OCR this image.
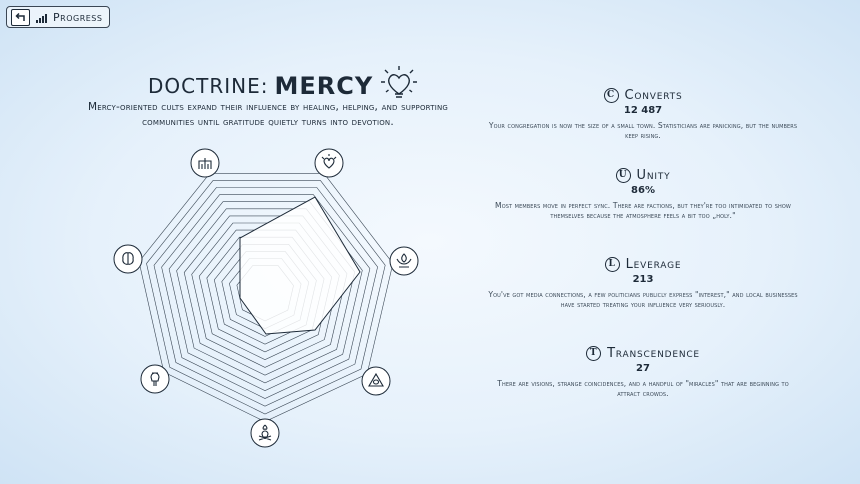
Progress
DOCTRINE: MERCY
Mercy-oriented cults expand their influence by healing, helping, and supporting communities until gratitude quietly turns into devotion.
C Converts
12 487
Your congregation is now the size of a small town. Statisticians are panicking, but the numbers keep rising.
U Unity
86%
Most members move in perfect sync. There are factions, but they're too intimidated to show themselves because the atmosphere feels a bit too „holy."
L Leverage
213
You've got media connections, a few politicians publicly express "interest," and local businesses have started treating your influence very seriously.
T Transcendence
27
There are visions, strange coincidences, and a handful of "miracles" that are beginning to attract crowds.
